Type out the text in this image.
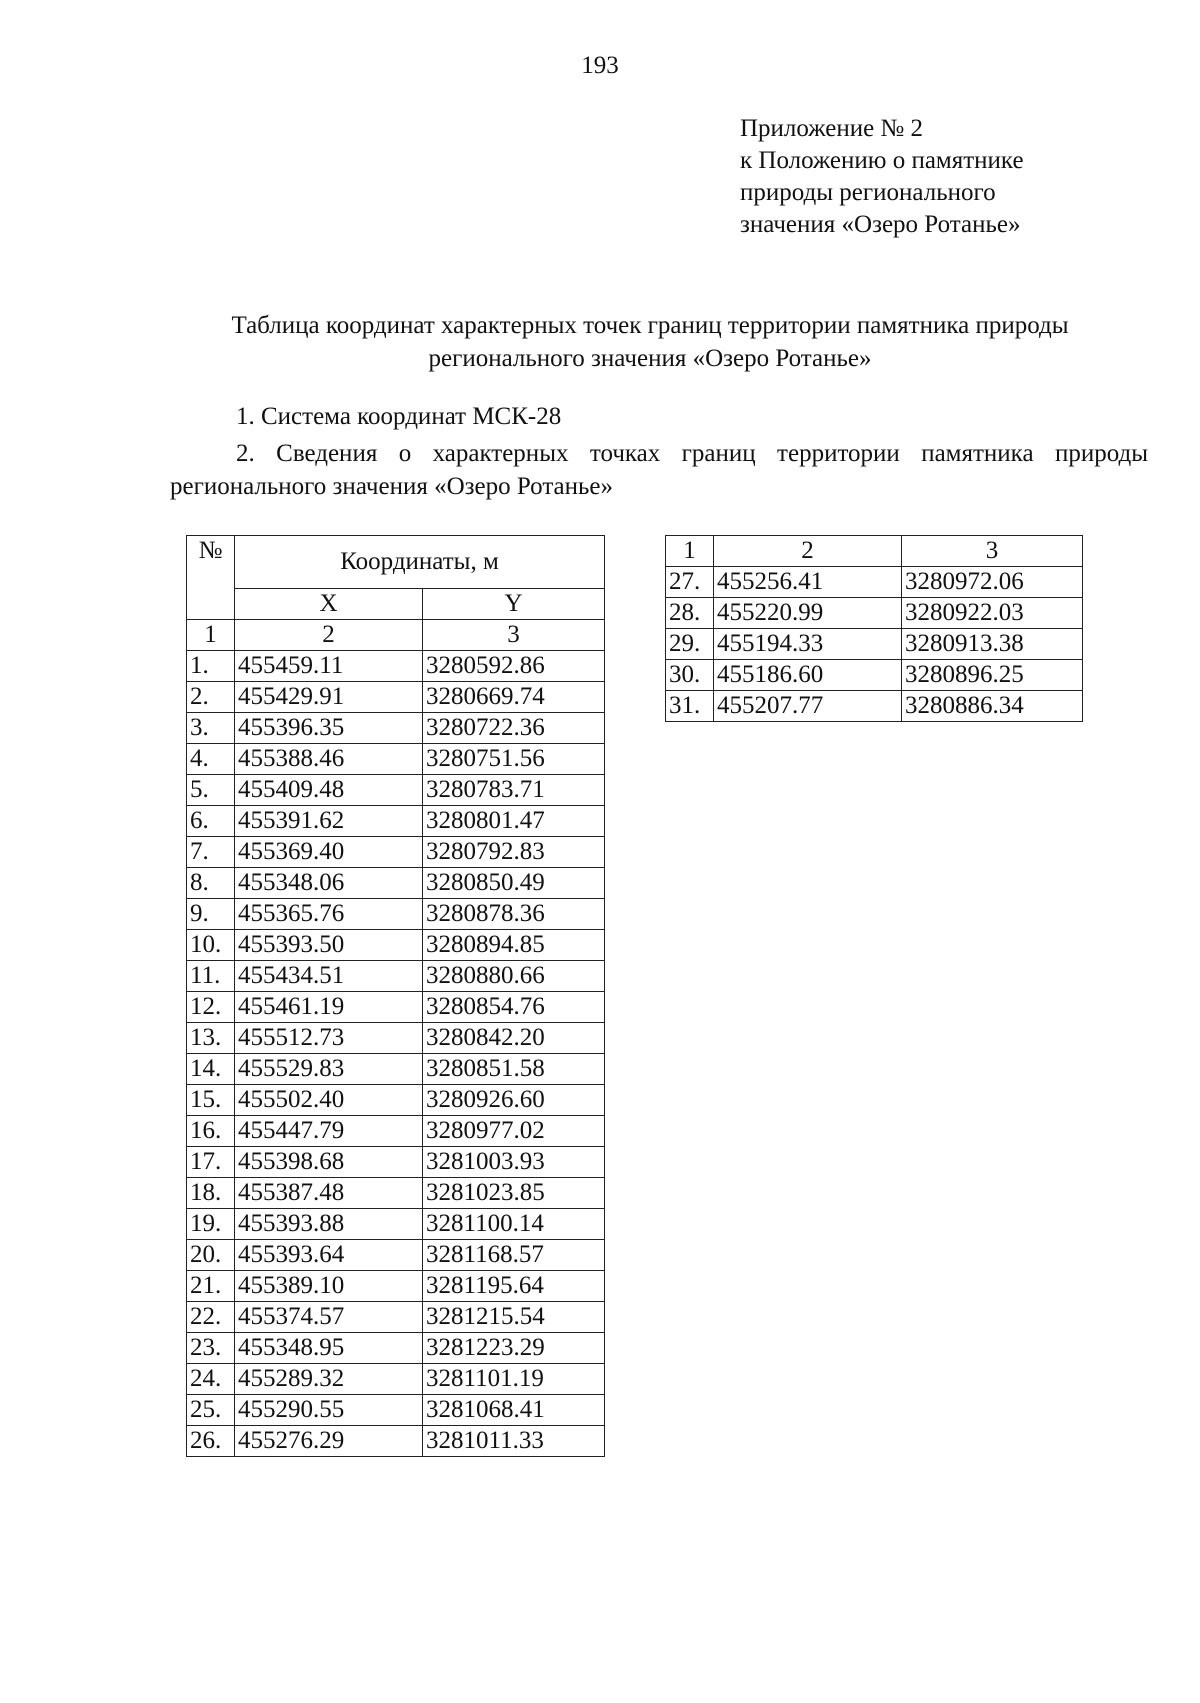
193
Приложение № 2
к Положению о памятнике
природы регионального
значения «Озеро Ротанье»
Таблица координат характерных точек границ территории памятника природы
регионального значения «Озеро Ротанье»
1. Система координат МСК-28
2. Сведения о характерных точках границ территории памятника природы регионального значения «Озеро Ротанье»
№	Координаты, м	
	X	Y
1	2	3
1.	455459.11	3280592.86
2.	455429.91	3280669.74
3.	455396.35	3280722.36
4.	455388.46	3280751.56
5.	455409.48	3280783.71
6.	455391.62	3280801.47
7.	455369.40	3280792.83
8.	455348.06	3280850.49
9.	455365.76	3280878.36
10.	455393.50	3280894.85
11.	455434.51	3280880.66
12.	455461.19	3280854.76
13.	455512.73	3280842.20
14.	455529.83	3280851.58
15.	455502.40	3280926.60
16.	455447.79	3280977.02
17.	455398.68	3281003.93
18.	455387.48	3281023.85
19.	455393.88	3281100.14
20.	455393.64	3281168.57
21.	455389.10	3281195.64
22.	455374.57	3281215.54
23.	455348.95	3281223.29
24.	455289.32	3281101.19
25.	455290.55	3281068.41
26.	455276.29	3281011.33
1	2	3
27.	455256.41	3280972.06
28.	455220.99	3280922.03
29.	455194.33	3280913.38
30.	455186.60	3280896.25
31.	455207.77	3280886.34
